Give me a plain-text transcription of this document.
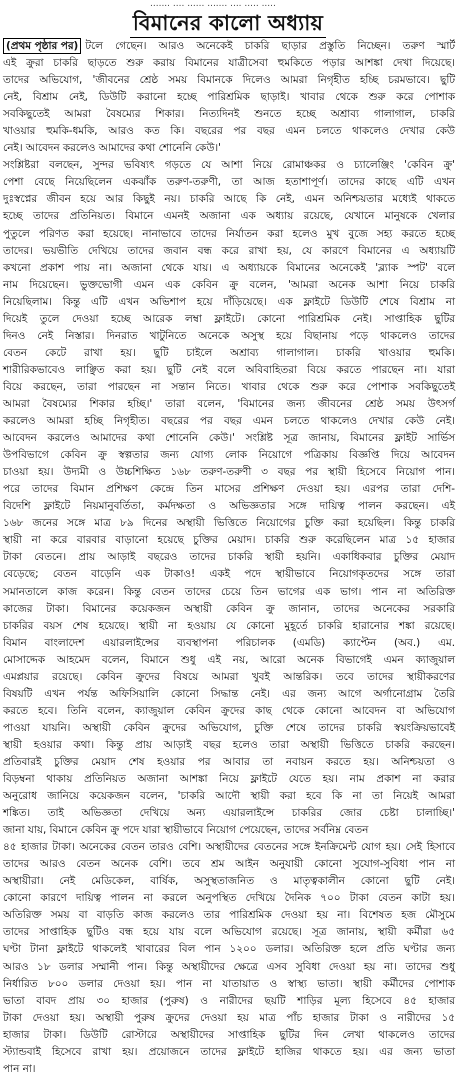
....... .... ...... ....... .... ..... .....
বিমানের কালো অধ্যায়
(প্রথম পৃষ্ঠার পর) টলে গেছেন। আরও অনেকেই চাকরি ছাড়ার প্রস্তুতি নিচ্ছেন। তরুণ স্মার্ট
এই ক্রুরা চাকরি ছাড়তে শুরু করায় বিমানের যাত্রীসেবা হুমকিতে পড়ার আশঙ্কা দেখা দিয়েছে।
তাদের অভিযোগ, 'জীবনের শ্রেষ্ঠ সময় বিমানকে দিলেও আমরা নিগৃহীত হচ্ছি চরমভাবে। ছুটি
নেই, বিশ্রাম নেই, ডিউটি করানো হচ্ছে পারিশ্রমিক ছাড়াই। খাবার থেকে শুরু করে পোশাক
সবকিছুতেই আমরা বৈষম্যের শিকার। নিত্যদিনই শুনতে হচ্ছে অশ্রাব্য গালাগাল, চাকরি
খাওয়ার হুমকি-ধমকি, আরও কত কি। বছরের পর বছর এমন চলতে থাকলেও দেখার কেউ
নেই। আবেদন করলেও আমাদের কথা শোনেনি কেউ।'
সংশ্লিষ্টরা বলছেন, সুন্দর ভবিষ্যৎ গড়তে যে আশা নিয়ে রোমাঞ্চকর ও চ্যালেঞ্জিং 'কেবিন ক্রু'
পেশা বেছে নিয়েছিলেন একঝাঁক তরুণ-তরুণী, তা আজ হতাশাপূর্ণ। তাদের কাছে এটি এখন
দুঃস্বপ্নের জীবন হয়ে আর কিছুই নয়। চাকরি আছে কি নেই, এমন অনিশ্চয়তার মধ্যেই থাকতে
হচ্ছে তাদের প্রতিনিয়ত। বিমানে এমনই অজানা এক অধ্যায় রয়েছে, যেখানে মানুষকে খেলার
পুতুলে পরিণত করা হয়েছে। নানাভাবে তাদের নির্যাতন করা হলেও মুখ বুজে সহ্য করতে হচ্ছে
তাদের। ভয়ভীতি দেখিয়ে তাদের জবান বন্ধ করে রাখা হয়, যে কারণে বিমানের এ অধ্যায়টি
কখনো প্রকাশ পায় না। অজানা থেকে যায়। এ অধ্যায়কে বিমানের অনেকেই 'ব্ল্যাক স্পট' বলে
নাম দিয়েছেন। ভুক্তভোগী এমন এক কেবিন ক্রু বলেন, 'আমরা অনেক আশা নিয়ে চাকরি
নিয়েছিলাম। কিন্তু এটি এখন অভিশাপ হয়ে দাঁড়িয়েছে। এক ফ্লাইটে ডিউটি শেষে বিশ্রাম না
দিয়েই তুলে দেওয়া হচ্ছে আরেক লম্বা ফ্লাইটে। কোনো পারিশ্রমিক নেই। সাপ্তাহিক ছুটির
দিনও নেই নিস্তার। দিনরাত খাটুনিতে অনেকে অসুস্থ হয়ে বিছানায় পড়ে থাকলেও তাদের
বেতন কেটে রাখা হয়। ছুটি চাইলে অশ্রাব্য গালাগাল। চাকরি খাওয়ার হুমকি।
শারীরিকভাবেও লাঞ্ছিত করা হয়। ছুটি নেই বলে অবিবাহিতরা বিয়ে করতে পারছেন না। যারা
বিয়ে করছেন, তারা পারছেন না সন্তান নিতে। খাবার থেকে শুরু করে পোশাক সবকিছুতেই
আমরা বৈষম্যের শিকার হচ্ছি।' তারা বলেন, 'বিমানের জন্য জীবনের শ্রেষ্ঠ সময় উৎসর্গ
করলেও আমরা হচ্ছি নিগৃহীত। বছরের পর বছর এমন চলতে থাকলেও দেখার কেউ নেই।
আবেদন করলেও আমাদের কথা শোনেনি কেউ।' সংশ্লিষ্ট সূত্র জানায়, বিমানের ফ্লাইট সার্ভিস
উপবিভাগে কেবিন ক্রু স্বল্পতার জন্য যোগ্য লোক নিয়োগে পত্রিকায় বিজ্ঞপ্তি দিয়ে আবেদন
চাওয়া হয়। উদ্যমী ও উচ্চশিক্ষিত ১৬৮ তরুণ-তরুণী ৩ বছর পর স্থায়ী হিসেবে নিয়োগ পান।
পরে তাদের বিমান প্রশিক্ষণ কেন্দ্রে তিন মাসের প্রশিক্ষণ দেওয়া হয়। এরপর তারা দেশি-
বিদেশি ফ্লাইটে নিয়মানুবর্তিতা, কর্মদক্ষতা ও অভিজ্ঞতার সঙ্গে দায়িত্ব পালন করছেন। এই
১৬৮ জনের সঙ্গে মাত্র ৮৯ দিনের অস্থায়ী ভিত্তিতে নিয়োগের চুক্তি করা হয়েছিল। কিন্তু চাকরি
স্থায়ী না করে বারবার বাড়ানো হয়েছে চুক্তির মেয়াদ। চাকরি শুরু করেছিলেন মাত্র ১৫ হাজার
টাকা বেতনে। প্রায় আড়াই বছরেও তাদের চাকরি স্থায়ী হয়নি। একাধিকবার চুক্তির মেয়াদ
বেড়েছে; বেতন বাড়েনি এক টাকাও! একই পদে স্থায়ীভাবে নিয়োগকৃতদের সঙ্গে তারা
সমানতালে কাজ করেন। কিন্তু বেতন তাদের চেয়ে তিন ভাগের এক ভাগ। পান না অতিরিক্ত
কাজের টাকা। বিমানের কয়েকজন অস্থায়ী কেবিন ক্রু জানান, তাদের অনেকের সরকারি
চাকরির বয়স শেষ হয়েছে। স্থায়ী না হওয়ায় যে কোনো মুহূর্তে চাকরি হারানোর শঙ্কা রয়েছে।
বিমান বাংলাদেশ এয়ারলাইন্সের ব্যবস্থাপনা পরিচালক (এমডি) ক্যাপ্টেন (অব.) এম.
মোসাদ্দেক আহমেদ বলেন, বিমানে শুধু এই নয়, আরো অনেক বিভাগেই এমন ক্যাজুয়াল
এমপ্লয়ার রয়েছে। কেবিন ক্রুদের বিষয়ে আমরা খুবই আন্তরিক। তবে তাদের স্থায়ীকরণের
বিষয়টি এখন পর্যন্ত অফিসিয়ালি কোনো সিদ্ধান্ত নেই। এর জন্য আগে অর্গানোগ্রাম তৈরি
করতে হবে। তিনি বলেন, ক্যাজুয়াল কেবিন ক্রুদের কাছ থেকে কোনো আবেদন বা অভিযোগ
পাওয়া যায়নি। অস্থায়ী কেবিন ক্রুদের অভিযোগ, চুক্তি শেষে তাদের চাকরি স্বয়ংক্রিয়ভাবেই
স্থায়ী হওয়ার কথা। কিন্তু প্রায় আড়াই বছর হলেও তারা অস্থায়ী ভিত্তিতে চাকরি করছেন।
প্রতিবারই চুক্তির মেয়াদ শেষ হওয়ার পর আবার তা নবায়ন করতে হয়। অনিশ্চয়তা ও
বিড়ম্বনা থাকায় প্রতিনিয়ত অজানা আশঙ্কা নিয়ে ফ্লাইটে যেতে হয়। নাম প্রকাশ না করার
অনুরোধ জানিয়ে কয়েকজন বলেন, 'চাকরি আদৌ স্থায়ী করা হবে কি না তা নিয়েই আমরা
শঙ্কিত। তাই অভিজ্ঞতা দেখিয়ে অন্য এয়ারলাইন্সে চাকরির জোর চেষ্টা চালাচ্ছি।'
জানা যায়, বিমানে কেবিন ক্রু পদে যারা স্থায়ীভাবে নিয়োগ পেয়েছেন, তাদের সর্বনিম্ন বেতন
৪৫ হাজার টাকা। অনেকের বেতন তারও বেশি। অস্থায়ীদের বেতনের সঙ্গে ইনক্রিমেন্ট যোগ হয়। সেই হিসাবে
তাদের আরও বেতন অনেক বেশি। তবে শ্রম আইন অনুযায়ী কোনো সুযোগ-সুবিধা পান না
অস্থায়ীরা। নেই মেডিকেল, বার্ষিক, অসুস্থতাজনিত ও মাতৃত্বকালীন কোনো ছুটি নেই।
কোনো কারণে দায়িত্ব পালন না করলে অনুপস্থিত দেখিয়ে দৈনিক ৭০০ টাকা বেতন কাটা হয়।
অতিরিক্ত সময় বা বাড়তি কাজ করলেও তার পারিশ্রমিক দেওয়া হয় না। বিশেষত হজ মৌসুমে
তাদের সাপ্তাহিক ছুটিও বন্ধ হয়ে যায় বলে অভিযোগ রয়েছে। সূত্র জানায়, স্থায়ী কর্মীরা ৬৫
ঘণ্টা টানা ফ্লাইটে থাকলেই খাবারের বিল পান ১২০০ ডলার। অতিরিক্ত হলে প্রতি ঘণ্টার জন্য
আরও ১৮ ডলার সম্মানী পান। কিন্তু অস্থায়ীদের ক্ষেত্রে এসব সুবিধা দেওয়া হয় না। তাদের শুধু
নির্ধারিত ৮০০ ডলার দেওয়া হয়। পান না যাতায়াত ও স্বাস্থ্য ভাতা। স্থায়ী কর্মীদের পোশাক
ভাতা বাবদ প্রায় ৩০ হাজার (পুরুষ) ও নারীদের ছয়টি শাড়ির মূল্য হিসেবে ৪৫ হাজার
টাকা দেওয়া হয়। অস্থায়ী পুরুষ ক্রুদের দেওয়া হয় মাত্র পাঁচ হাজার টাকা ও নারীদের ১৫
হাজার টাকা। ডিউটি রোস্টারে অস্থায়ীদের সাপ্তাহিক ছুটির দিন লেখা থাকলেও তাদের
স্ট্যান্ডবাই হিসেবে রাখা হয়। প্রয়োজনে তাদের ফ্লাইটে হাজির থাকতে হয়। এর জন্য ভাতা
পান না।
